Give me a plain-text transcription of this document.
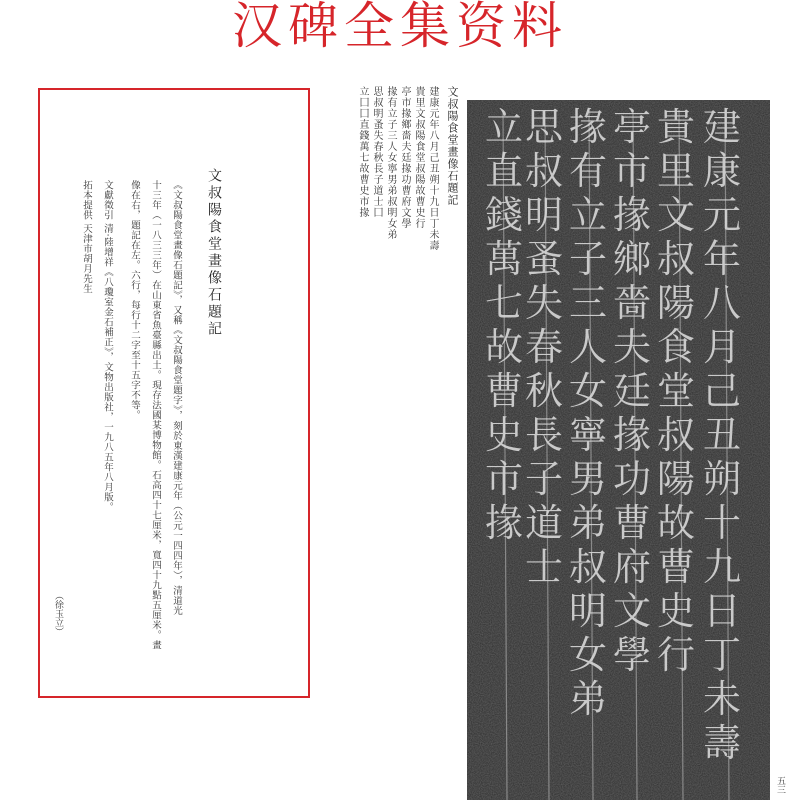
汉碑全集资料
文叔陽食堂畫像石題記
《文叔陽食堂畫像石題記》，又稱《文叔陽食堂題字》，刻於東漢建康元年（公元一四四年），清道光
十三年（一八三三年）在山東省魚臺縣出土。現存法國某博物館。石高四十七厘米，寬四十九點五厘米。畫
像在右，題記在左。六行，每行十二字至十五字不等。
文獻徵引 清·陸增祥《八瓊室金石補正》，文物出版社，一九八五年八月版。
拓本提供 天津市胡月先生
（徐玉立）
文叔陽食堂畫像石題記
建康元年八月己丑朔十九日丁未壽
貴里文叔陽食堂叔陽故曹史行
亭市掾鄉嗇夫廷掾功曹府文學
掾有立子三人女寧男弟叔明女弟
思叔明蚤失春秋長子道士囗
立囗囗直錢萬七故曹史市掾	建康元年八月己丑朔十九日丁未壽
貴里文叔陽食堂叔陽故曹史行
亭市掾鄉嗇夫廷掾功曹府文學
掾有立子三人女寧男弟叔明女弟
思叔明蚤失春秋長子道士
立直錢萬七故曹史市掾
五三
